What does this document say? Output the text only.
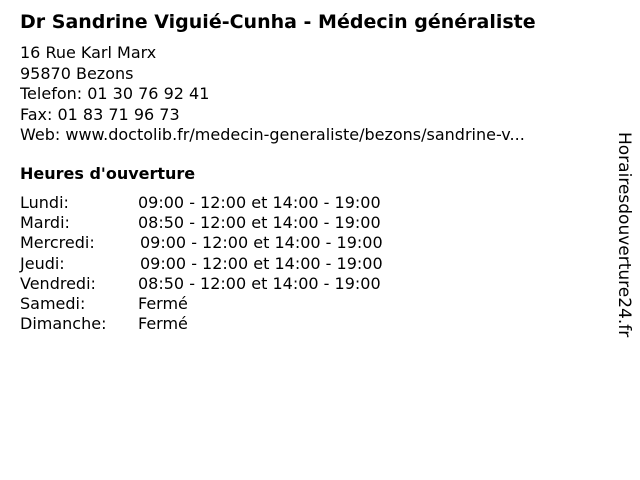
Dr Sandrine Viguié-Cunha - Médecin généraliste
16 Rue Karl Marx
95870 Bezons
Telefon: 01 30 76 92 41
Fax: 01 83 71 96 73
Web: www.doctolib.fr/medecin-generaliste/bezons/sandrine-v...
Heures d'ouverture
Lundi:	09:00 - 12:00 et 14:00 - 19:00
Mardi:	08:50 - 12:00 et 14:00 - 19:00
Mercredi:	09:00 - 12:00 et 14:00 - 19:00
Jeudi:	09:00 - 12:00 et 14:00 - 19:00
Vendredi:	08:50 - 12:00 et 14:00 - 19:00
Samedi:	Fermé
Dimanche: Fermé	Horairesdouverture24.fr
